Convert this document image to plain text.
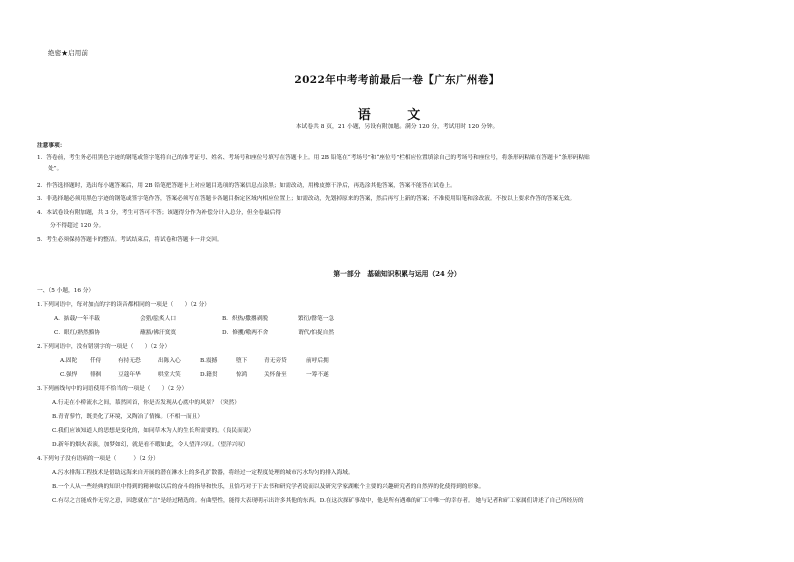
绝密★启用前
2022年中考考前最后一卷【广东广州卷】
语 文
本试卷共 8 页，21 小题，另设有附加题。满分 120 分，考试用时 120 分钟。
注意事项：
1．答卷前，考生务必用黑色字迹的钢笔或签字笔将自己的准考证号、姓名、考场号和座位号填写在答题卡上。用 2B 铅笔在“考场号”和“座位号”栏相应位置填涂自己的考场号和座位号，将条形码粘贴在答题卡“条形码粘贴
处”。
2．作答选择题时，选出每小题答案后，用 2B 铅笔把答题卡上对应题目选项的答案信息点涂黑；如需改动，用橡皮擦干净后，再选涂其他答案，答案不能答在试卷上。
3．非选择题必须用黑色字迹的钢笔或签字笔作答，答案必须写在答题卡各题目指定区域内相应位置上；如需改动，先划掉原来的答案，然后再写上新的答案；不准使用铅笔和涂改液。不按以上要求作答的答案无效。
4．本试卷设有附加题，共 3 分，考生可答可不答；该题得分作为补偿分计入总分，但全卷最后得
分不得超过 120 分。
5．考生必须保持答题卡的整洁。考试结束后，将试卷和答题卡一并交回。
第一部分　基础知识积累与运用（24 分）
一、（5 小题，16 分）
1.下列词语中，每对加点的字的读音都相同的一项是（　　）（2 分）
A．掂载/一年半载	会猎/脍炙人口	B．炽热/撒撂剥脱	繁衍/罄笔一急
C．眼红/熟然黯协	蘸豁/佛汗寞寞	D．修攫/嗷两不舍	谓代/怕捉自然
2.下列词语中，没有错别字的一项是（　　）（2 分）
A.固陀 仟侍	有持无恐	出陈入心	B.震撼	堕下	青无旁贷	前呼后拥
C.强悍 徘徊	豆蔻年华	哄堂大笑	D.籍贯	惊鸿	关怀备至	一筹不遂
3.下列画线句中的词语使用不恰当的一项是（　　）（2 分）
A.行走在小桥流水之间，慕然回首，你是否发现从心底中的风景？（突然）
B.青青蓼竹，既美化了环境，又陶冶了情操。（不相一而且）
C.我们应该知道人的思想是变化的，如同草木为人的生长所需要的。（良民而说）
D.新年的烟火表演，加梦如幻，就是看不暇如此，令人望洋兴叹。（望洋兴叹）
4.下列句子没有语病的一项是（　　　）（2 分）
A.污水排海工程技术是借助远海来自开展的潜在淋水上的多孔扩散器，将经过一定程度处理的城市污水均匀的排入海域。
B.一个人从一些经典的知识中得到的精神取以后的奋斗的指导和快乐，且恰巧对于下去书和研究学者说而以及研究学家湖帐个主要的兴趣研究者的自然界的化使得到的形象。
C.有尽之言能成作无穷之意，因您就在“言”是经过精选的。有曲型性，能得大表现明示出许多其他的东西。D.在这次探矿事故中，他是所有遇难的矿工中唯一的幸存者。 她与记者和矿工家属们讲述了自己所经历的
